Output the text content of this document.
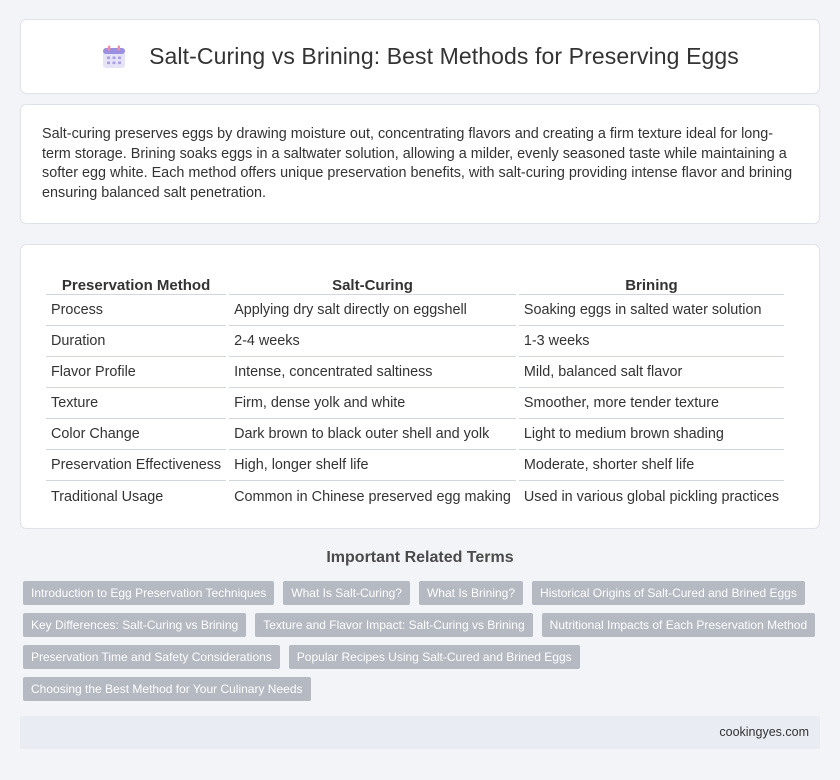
Salt-Curing vs Brining: Best Methods for Preserving Eggs

Salt-curing preserves eggs by drawing moisture out, concentrating flavors and creating a firm texture ideal for long-term storage. Brining soaks eggs in a saltwater solution, allowing a milder, evenly seasoned taste while maintaining a softer egg white. Each method offers unique preservation benefits, with salt-curing providing intense flavor and brining ensuring balanced salt penetration.

Preservation Method	Salt-Curing	Brining
Process	Applying dry salt directly on eggshell	Soaking eggs in salted water solution
Duration	2-4 weeks	1-3 weeks
Flavor Profile	Intense, concentrated saltiness	Mild, balanced salt flavor
Texture	Firm, dense yolk and white	Smoother, more tender texture
Color Change	Dark brown to black outer shell and yolk	Light to medium brown shading
Preservation Effectiveness	High, longer shelf life	Moderate, shorter shelf life
Traditional Usage	Common in Chinese preserved egg making	Used in various global pickling practices
Important Related Terms
Introduction to Egg Preservation Techniques	What Is Salt-Curing?	What Is Brining?	Historical Origins of Salt-Cured and Brined Eggs
Key Differences: Salt-Curing vs Brining	Texture and Flavor Impact: Salt-Curing vs Brining	Nutritional Impacts of Each Preservation Method
Preservation Time and Safety Considerations	Popular Recipes Using Salt-Cured and Brined Eggs
Choosing the Best Method for Your Culinary Needs
cookingyes.com
